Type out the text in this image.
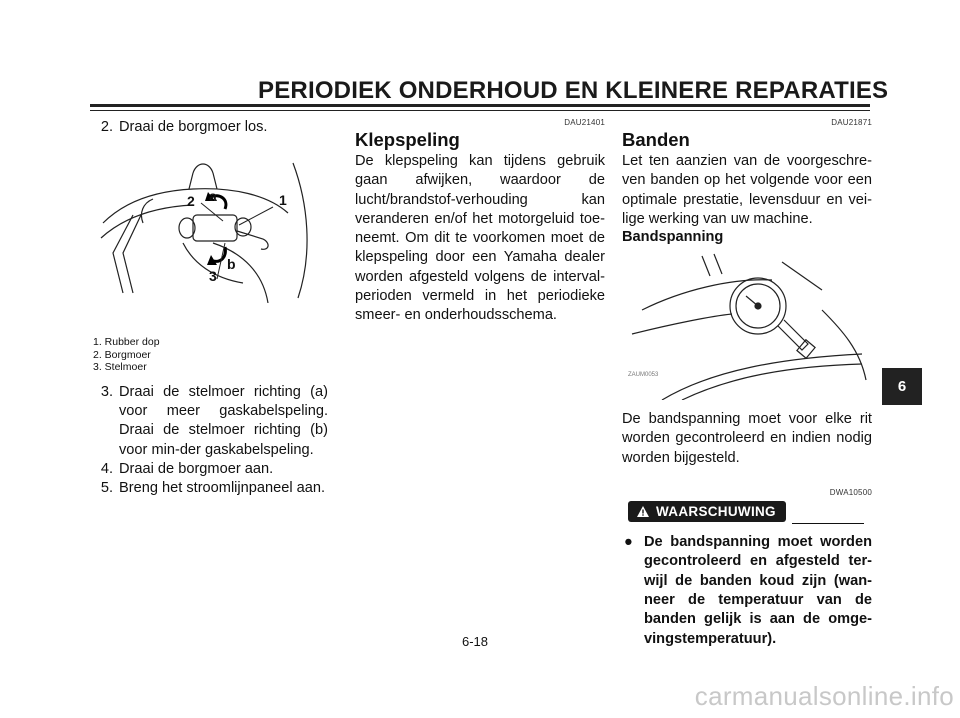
PERIODIEK ONDERHOUD EN KLEINERE REPARATIES
2. Draai de borgmoer los.
2 a	1
b
3
1. Rubber dop
2. Borgmoer
3. Stelmoer
3. Draai de stelmoer richting (a) voor meer gaskabelspeling. Draai de stelmoer richting (b) voor min-der gaskabelspeling.
4. Draai de borgmoer aan.
5. Breng het stroomlijnpaneel aan.
DAU21401
Klepspeling
De klepspeling kan tijdens gebruik gaan afwijken, waardoor de lucht/brandstof-verhouding kan veranderen en/of het motorgeluid toe-neemt. Om dit te voorkomen moet de klepspeling door een Yamaha dealer worden afgesteld volgens de interval-perioden vermeld in het periodieke smeer- en onderhoudsschema.
DAU21871
Banden
Let ten aanzien van de voorgeschre-ven banden op het volgende voor een optimale prestatie, levensduur en vei-lige werking van uw machine.
Bandspanning
ZAUM0053
De bandspanning moet voor elke rit worden gecontroleerd en indien nodig worden bijgesteld.
DWA10500
WAARSCHUWING

● De bandspanning moet worden gecontroleerd en afgesteld ter-wijl de banden koud zijn (wan-neer de temperatuur van de banden gelijk is aan de omge-vingstemperatuur).
6
6-18
carmanualsonline.info
